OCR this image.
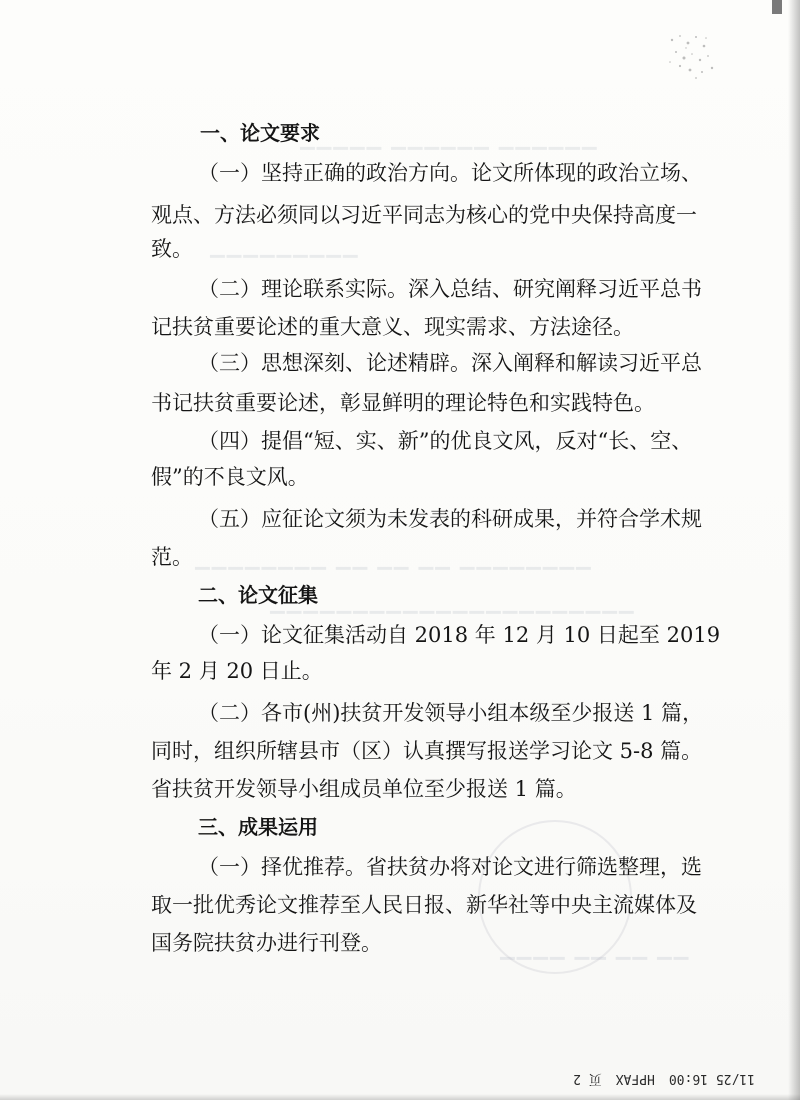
▁▁▁▁▁ ▁▁▁▁▁▁ ▁▁▁▁▁▁
▁▁▁▁▁▁▁▁▁
▁▁▁▁▁▁▁▁ ▁▁ ▁▁ ▁▁ ▁▁▁▁▁▁▁▁
▁▁▁▁▁▁▁▁▁▁▁▁▁▁▁▁▁▁▁▁▁▁
▁▁▁▁ ▁▁ ▁▁ ▁▁
一、论文要求
（一）坚持正确的政治方向。论文所体现的政治立场、
观点、方法必须同以习近平同志为核心的党中央保持高度一
致。
（二）理论联系实际。深入总结、研究阐释习近平总书
记扶贫重要论述的重大意义、现实需求、方法途径。
（三）思想深刻、论述精辟。深入阐释和解读习近平总
书记扶贫重要论述，彰显鲜明的理论特色和实践特色。
（四）提倡“短、实、新”的优良文风，反对“长、空、
假”的不良文风。
（五）应征论文须为未发表的科研成果，并符合学术规
范。
二、论文征集
（一）论文征集活动自 2018 年 12 月 10 日起至 2019
年 2 月 20 日止。
（二）各市(州)扶贫开发领导小组本级至少报送 1 篇，
同时，组织所辖县市（区）认真撰写报送学习论文 5-8 篇。
省扶贫开发领导小组成员单位至少报送 1 篇。
三、成果运用
（一）择优推荐。省扶贫办将对论文进行筛选整理，选
取一批优秀论文推荐至人民日报、新华社等中央主流媒体及
国务院扶贫办进行刊登。
11/25 16:00HPFAX页 2
